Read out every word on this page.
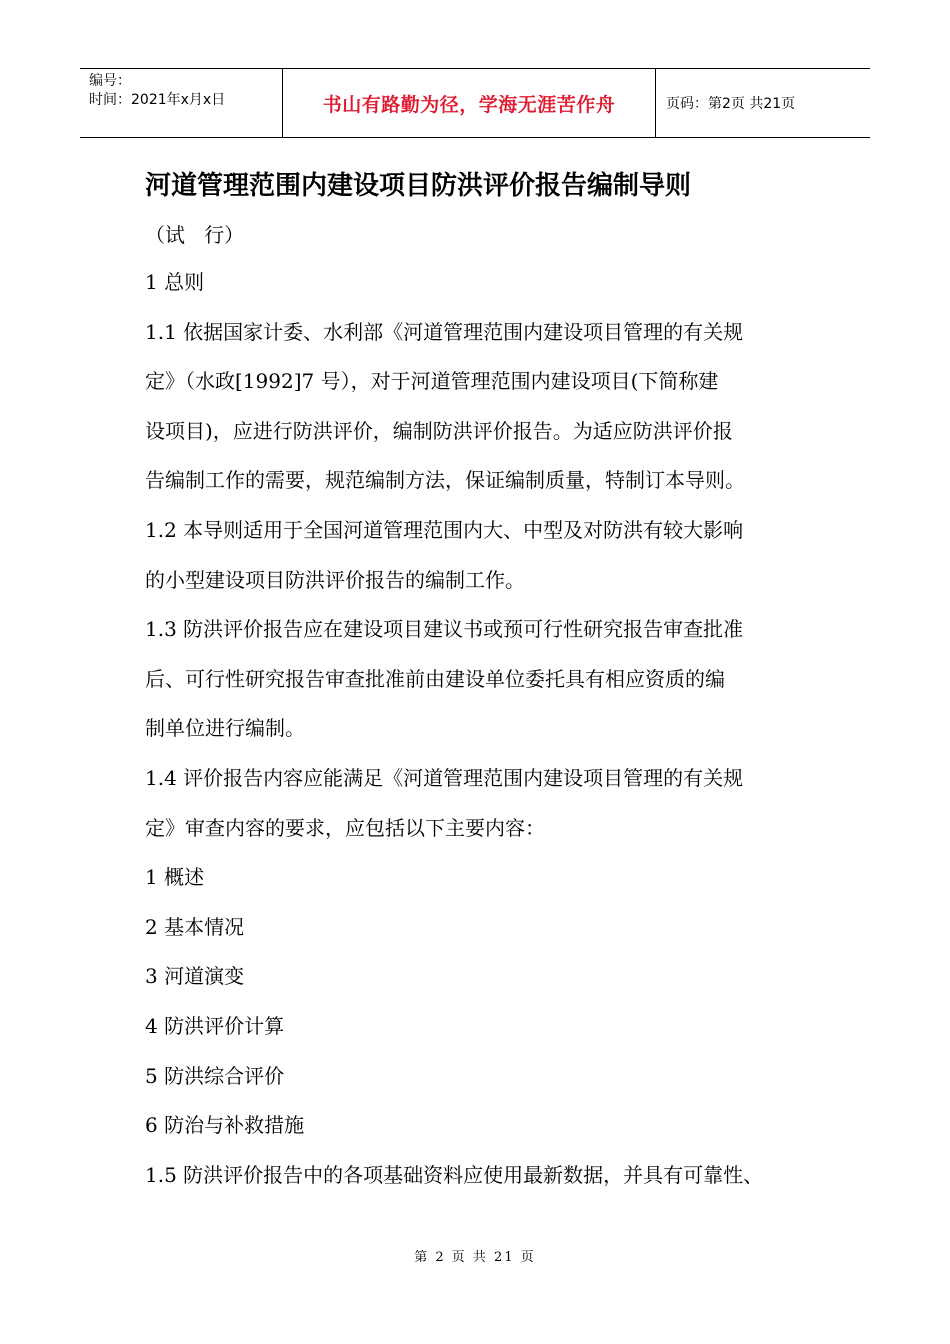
编号：
时间：2021年x月x日	书山有路勤为径，学海无涯苦作舟	页码：第2页 共21页
河道管理范围内建设项目防洪评价报告编制导则

（试   行）

1 总则

1.1 依据国家计委、水利部《河道管理范围内建设项目管理的有关规

定》（水政[1992]7 号），对于河道管理范围内建设项目(下简称建

设项目)，应进行防洪评价，编制防洪评价报告。为适应防洪评价报

告编制工作的需要，规范编制方法，保证编制质量，特制订本导则。

1.2 本导则适用于全国河道管理范围内大、中型及对防洪有较大影响

的小型建设项目防洪评价报告的编制工作。

1.3 防洪评价报告应在建设项目建议书或预可行性研究报告审查批准

后、可行性研究报告审查批准前由建设单位委托具有相应资质的编

制单位进行编制。

1.4 评价报告内容应能满足《河道管理范围内建设项目管理的有关规

定》审查内容的要求，应包括以下主要内容：

1 概述

2 基本情况

3 河道演变

4 防洪评价计算

5 防洪综合评价

6 防治与补救措施

1.5 防洪评价报告中的各项基础资料应使用最新数据，并具有可靠性、

第 2 页 共 21 页
